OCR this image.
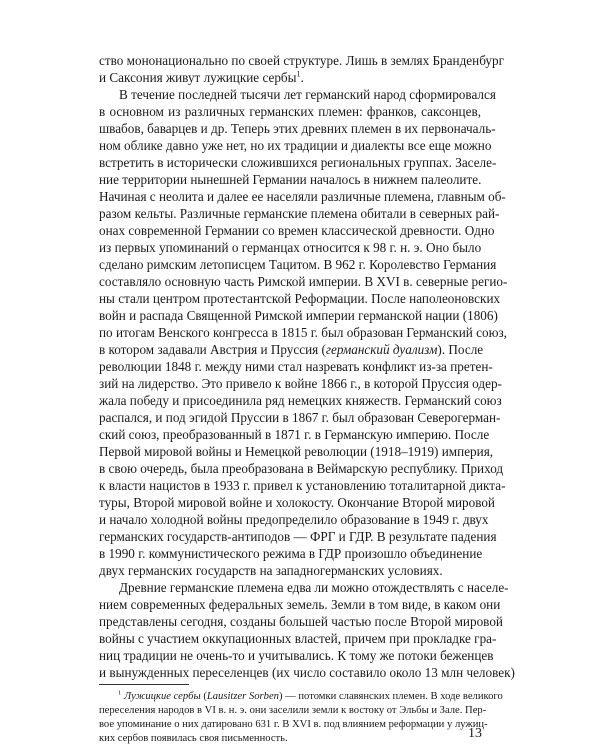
ство мононационально по своей структуре. Лишь в землях Бранденбург
и Саксония живут лужицкие сербы$^1$.
В течение последней тысячи лет германский народ сформировался
в основном из различных германских племен: франков, саксонцев,
швабов, баварцев и др. Теперь этих древних племен в их первоначаль-
ном облике давно уже нет, но их традиции и диалекты все еще можно
встретить в исторически сложившихся региональных группах. Заселе-
ние территории нынешней Германии началось в нижнем палеолите.
Начиная с неолита и далее ее населяли различные племена, главным об-
разом кельты. Различные германские племена обитали в северных рай-
онах современной Германии со времен классической древности. Одно
из первых упоминаний о германцах относится к 98 г. н. э. Оно было
сделано римским летописцем Тацитом. В 962 г. Королевство Германия
составляло основную часть Римской империи. В XVI в. северные регио-
ны стали центром протестантской Реформации. После наполеоновских
войн и распада Священной Римской империи германской нации (1806)
по итогам Венского конгресса в 1815 г. был образован Германский союз,
в котором задавали Австрия и Пруссия (германский дуализм). После
революции 1848 г. между ними стал назревать конфликт из-за претен-
зий на лидерство. Это привело к войне 1866 г., в которой Пруссия одер-
жала победу и присоединила ряд немецких княжеств. Германский союз
распался, и под эгидой Пруссии в 1867 г. был образован Северогерман-
ский союз, преобразованный в 1871 г. в Германскую империю. После
Первой мировой войны и Немецкой революции (1918–1919) империя,
в свою очередь, была преобразована в Веймарскую республику. Приход
к власти нацистов в 1933 г. привел к установлению тоталитарной дикта-
туры, Второй мировой войне и холокосту. Окончание Второй мировой
и начало холодной войны предопределило образование в 1949 г. двух
германских государств-антиподов — ФРГ и ГДР. В результате падения
в 1990 г. коммунистического режима в ГДР произошло объединение
двух германских государств на западногерманских условиях.
Древние германские племена едва ли можно отождествлять с населе-
нием современных федеральных земель. Земли в том виде, в каком они
представлены сегодня, созданы большей частью после Второй мировой
войны с участием оккупационных властей, причем при прокладке гра-
ниц традиции не очень-то и учитывались. К тому же потоки беженцев
и вынужденных переселенцев (их число составило около 13 млн человек)
$^1$ Лужицкие сербы (Lausitzer Sorben) — потомки славянских племен. В ходе великого
переселения народов в VI в. н. э. они заселили земли к востоку от Эльбы и Зале. Пер-
вое упоминание о них датировано 631 г. В XVI в. под влиянием реформации у лужиц-
ких сербов появилась своя письменность.	13
